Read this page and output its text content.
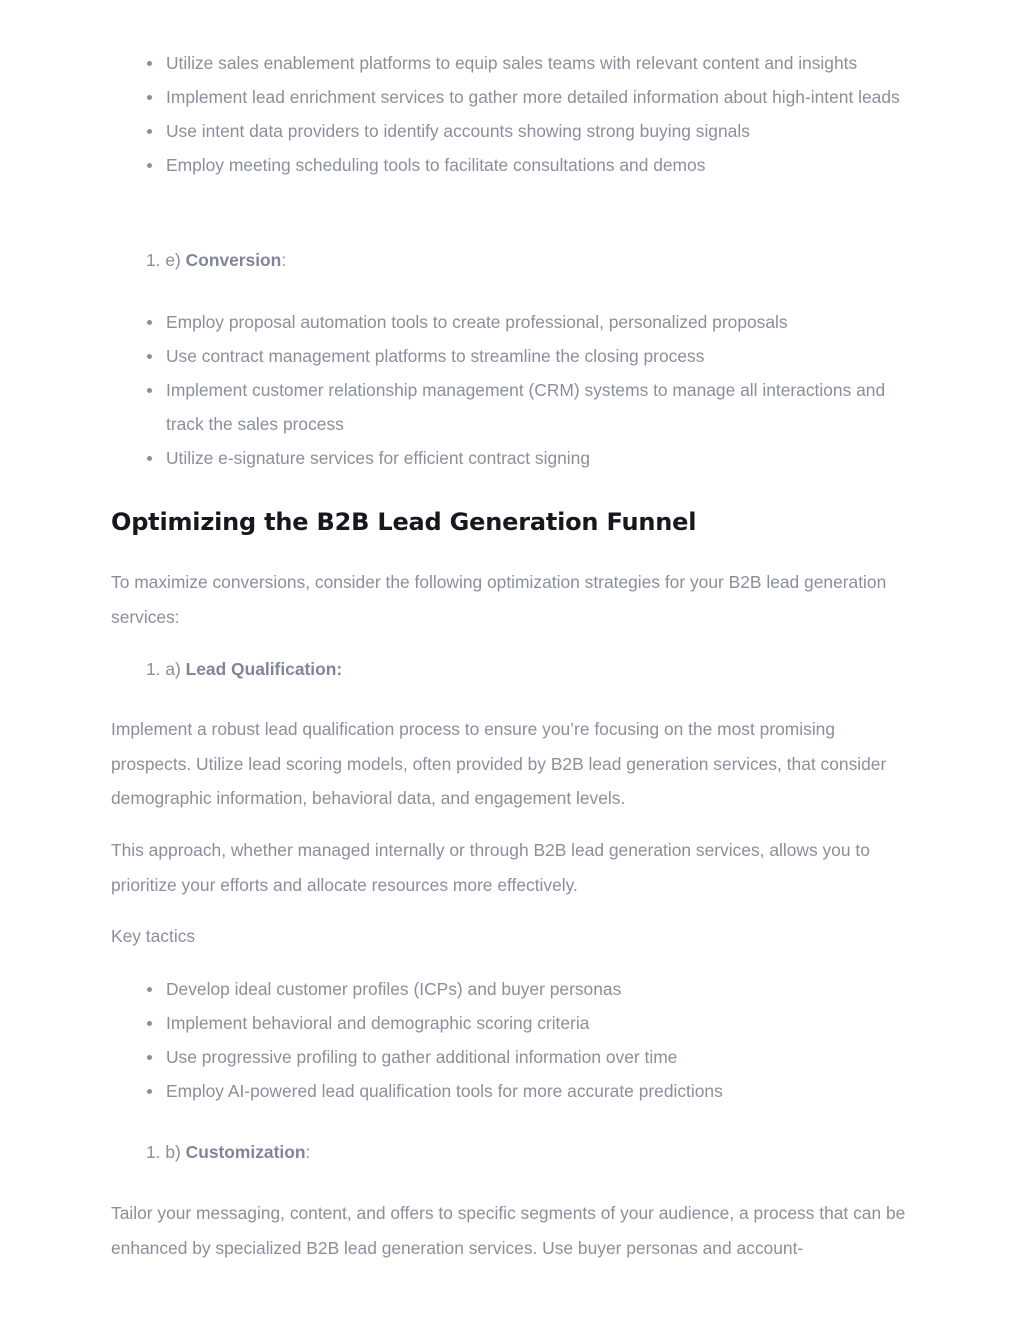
Utilize sales enablement platforms to equip sales teams with relevant content and insights
Implement lead enrichment services to gather more detailed information about high-intent leads
Use intent data providers to identify accounts showing strong buying signals
Employ meeting scheduling tools to facilitate consultations and demos
1. e) Conversion:
Employ proposal automation tools to create professional, personalized proposals
Use contract management platforms to streamline the closing process
Implement customer relationship management (CRM) systems to manage all interactions and track the sales process
Utilize e-signature services for efficient contract signing
Optimizing the B2B Lead Generation Funnel

To maximize conversions, consider the following optimization strategies for your B2B lead generation services:

1. a) Lead Qualification:

Implement a robust lead qualification process to ensure you’re focusing on the most promising prospects. Utilize lead scoring models, often provided by B2B lead generation services, that consider demographic information, behavioral data, and engagement levels.

This approach, whether managed internally or through B2B lead generation services, allows you to prioritize your efforts and allocate resources more effectively.

Key tactics
Develop ideal customer profiles (ICPs) and buyer personas
Implement behavioral and demographic scoring criteria
Use progressive profiling to gather additional information over time
Employ AI-powered lead qualification tools for more accurate predictions
1. b) Customization:

Tailor your messaging, content, and offers to specific segments of your audience, a process that can be enhanced by specialized B2B lead generation services. Use buyer personas and account-
